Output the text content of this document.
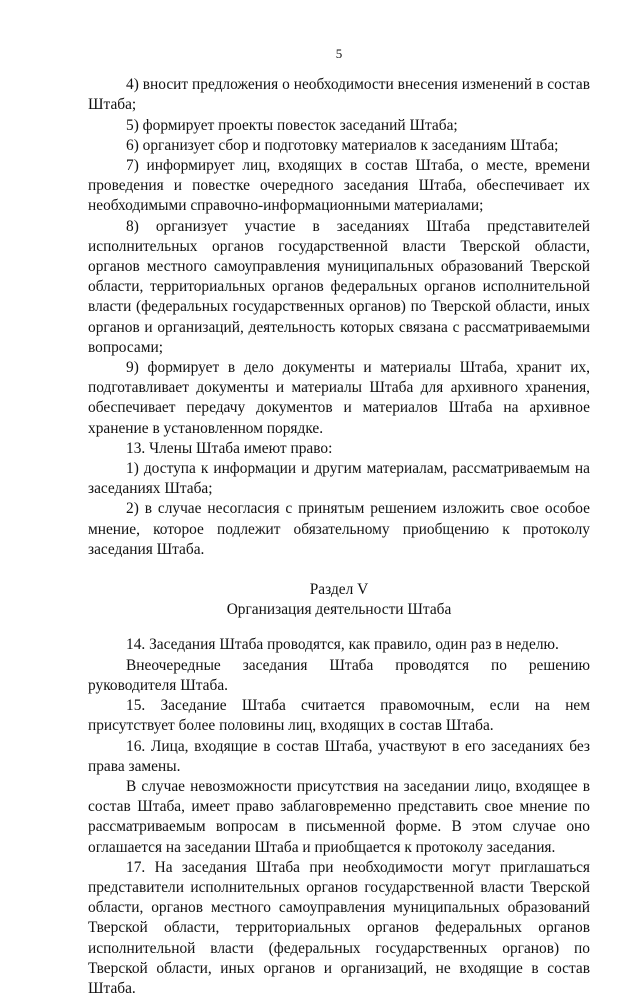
5

4) вносит предложения о необходимости внесения изменений в состав Штаба;

5) формирует проекты повесток заседаний Штаба;

6) организует сбор и подготовку материалов к заседаниям Штаба;

7) информирует лиц, входящих в состав Штаба, о месте, времени проведения и повестке очередного заседания Штаба, обеспечивает их необходимыми справочно-информационными материалами;

8) организует участие в заседаниях Штаба представителей исполнительных органов государственной власти Тверской области, органов местного самоуправления муниципальных образований Тверской области, территориальных органов федеральных органов исполнительной власти (федеральных государственных органов) по Тверской области, иных органов и организаций, деятельность которых связана с рассматриваемыми вопросами;

9) формирует в дело документы и материалы Штаба, хранит их, подготавливает документы и материалы Штаба для архивного хранения, обеспечивает передачу документов и материалов Штаба на архивное хранение в установленном порядке.

13. Члены Штаба имеют право:

1) доступа к информации и другим материалам, рассматриваемым на заседаниях Штаба;

2) в случае несогласия с принятым решением изложить свое особое мнение, которое подлежит обязательному приобщению к протоколу заседания Штаба.

Раздел V

Организация деятельности Штаба

14. Заседания Штаба проводятся, как правило, один раз в неделю.

Внеочередные заседания Штаба проводятся по решению руководителя Штаба.

15. Заседание Штаба считается правомочным, если на нем присутствует более половины лиц, входящих в состав Штаба.

16. Лица, входящие в состав Штаба, участвуют в его заседаниях без права замены.

В случае невозможности присутствия на заседании лицо, входящее в состав Штаба, имеет право заблаговременно представить свое мнение по рассматриваемым вопросам в письменной форме. В этом случае оно оглашается на заседании Штаба и приобщается к протоколу заседания.

17. На заседания Штаба при необходимости могут приглашаться представители исполнительных органов государственной власти Тверской области, органов местного самоуправления муниципальных образований Тверской области, территориальных органов федеральных органов исполнительной власти (федеральных государственных органов) по Тверской области, иных органов и организаций, не входящие в состав Штаба.
